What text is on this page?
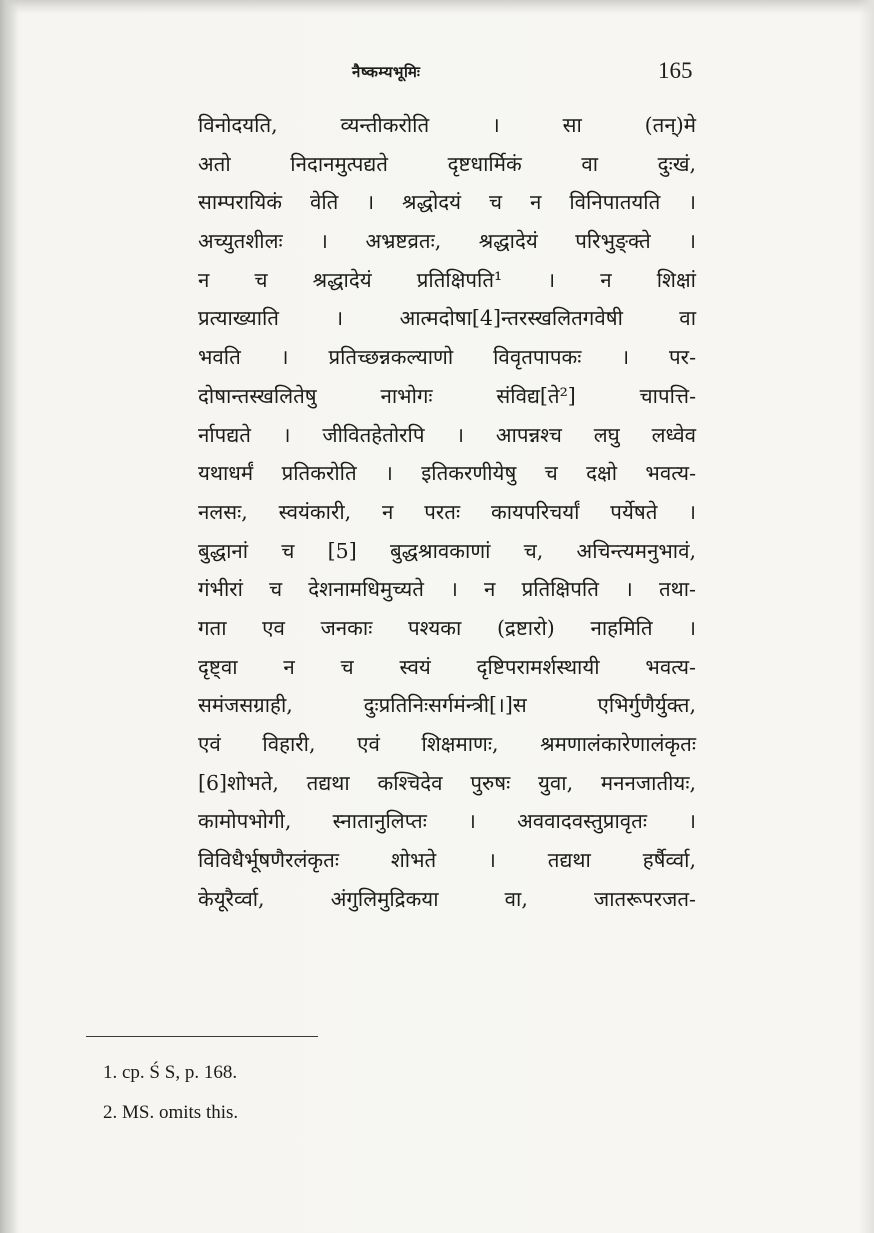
नैष्कम्यभूमिः	165
विनोदयति, व्यन्तीकरोति । सा (तन्)मे
अतो निदानमुत्पद्यते दृष्टधार्मिकं वा दुःखं,
साम्परायिकं वेति । श्रद्धोदयं च न विनिपातयति ।
अच्युतशीलः । अभ्रष्टव्रतः, श्रद्धादेयं परिभुङ्क्ते ।
न च श्रद्धादेयं प्रतिक्षिपति¹ । न शिक्षां
प्रत्याख्याति । आत्मदोषा[4]न्तरस्खलितगवेषी वा
भवति । प्रतिच्छन्नकल्याणो विवृतपापकः । पर-
दोषान्तस्खलितेषु नाभोगः संविद्य[ते²] चापत्ति-
र्नापद्यते । जीवितहेतोरपि । आपन्नश्च लघु लध्वेव
यथाधर्मं प्रतिकरोति । इतिकरणीयेषु च दक्षो भवत्य-
नलसः, स्वयंकारी, न परतः कायपरिचर्यां पर्येषते ।
बुद्धानां च [5] बुद्धश्रावकाणां च, अचिन्त्यमनुभावं,
गंभीरां च देशनामधिमुच्यते । न प्रतिक्षिपति । तथा-
गता एव जनकाः पश्यका (द्रष्टारो) नाहमिति ।
दृष्ट्वा न च स्वयं दृष्टिपरामर्शस्थायी भवत्य-
समंजसग्राही, दुःप्रतिनिःसर्गमंन्त्री[।]स एभिर्गुणैर्युक्त,
एवं विहारी, एवं शिक्षमाणः, श्रमणालंकारेणालंकृतः
[6]शोभते, तद्यथा कश्चिदेव पुरुषः युवा, मननजातीयः,
कामोपभोगी, स्नातानुलिप्तः । अववादवस्तुप्रावृतः ।
विविधैर्भूषणैरलंकृतः शोभते । तद्यथा हर्षैर्व्वा,
केयूरैर्व्वा, अंगुलिमुद्रिकया वा, जातरूपरजत-
1. cp. Ś S, p. 168.
2. MS. omits this.
